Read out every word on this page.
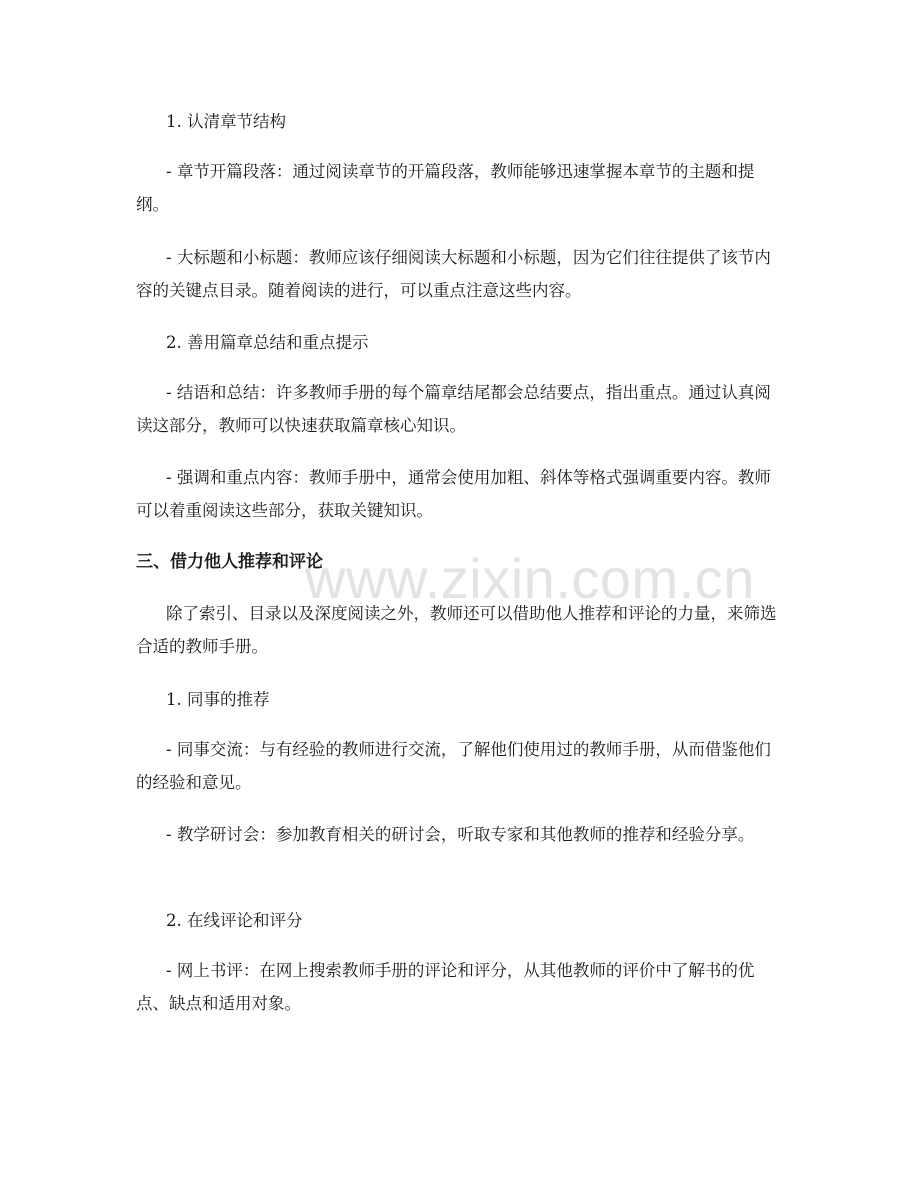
www.zixin.com.cn

1. 认清章节结构

- 章节开篇段落：通过阅读章节的开篇段落，教师能够迅速掌握本章节的主题和提纲。

- 大标题和小标题：教师应该仔细阅读大标题和小标题，因为它们往往提供了该节内容的关键点目录。随着阅读的进行，可以重点注意这些内容。

2. 善用篇章总结和重点提示

- 结语和总结：许多教师手册的每个篇章结尾都会总结要点，指出重点。通过认真阅读这部分，教师可以快速获取篇章核心知识。

- 强调和重点内容：教师手册中，通常会使用加粗、斜体等格式强调重要内容。教师可以着重阅读这些部分，获取关键知识。

三、借力他人推荐和评论

除了索引、目录以及深度阅读之外，教师还可以借助他人推荐和评论的力量，来筛选合适的教师手册。

1. 同事的推荐

- 同事交流：与有经验的教师进行交流，了解他们使用过的教师手册，从而借鉴他们的经验和意见。

- 教学研讨会：参加教育相关的研讨会，听取专家和其他教师的推荐和经验分享。

2. 在线评论和评分

- 网上书评：在网上搜索教师手册的评论和评分，从其他教师的评价中了解书的优点、缺点和适用对象。
